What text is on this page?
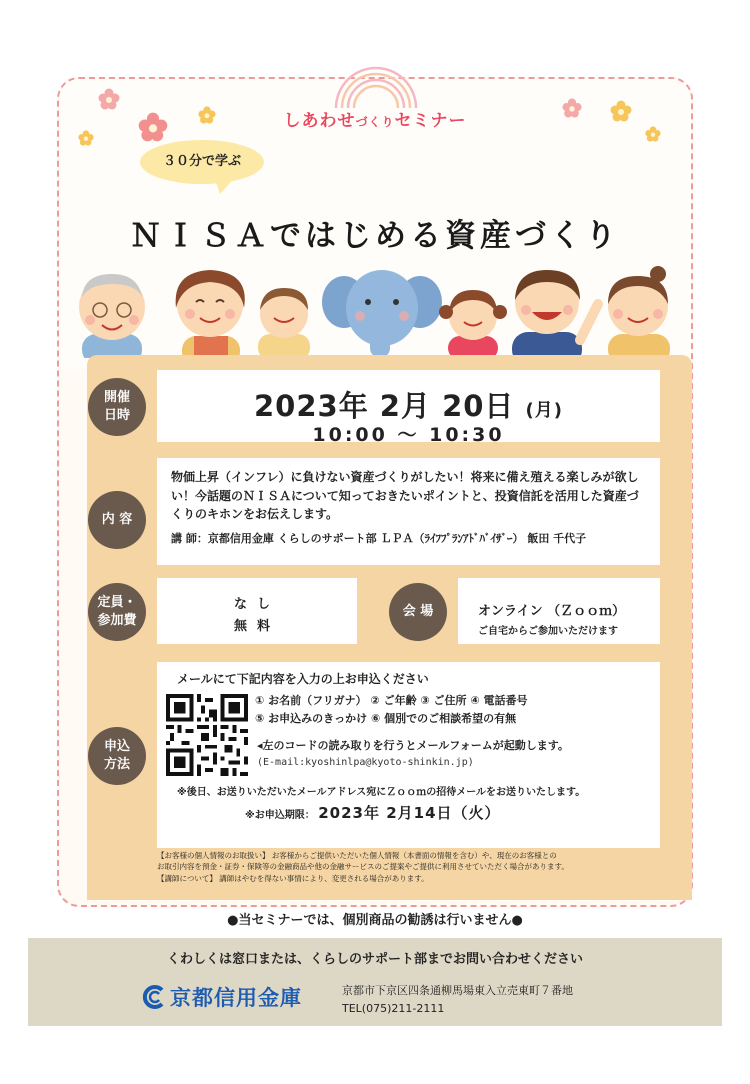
しあわせづくりセミナー
３０分で学ぶ
ＮＩＳＡではじめる資産づくり
開催
日時	2023年 2月 20日 (月)
10:00 ～ 10:30
内 容
物価上昇（インフレ）に負けない資産づくりがしたい！将来に備え殖える楽しみが欲しい！今話題のＮＩＳＡについて知っておきたいポイントと、投資信託を活用した資産づくりのキホンをお伝えします。
講 師：京都信用金庫 くらしのサポート部 ＬＰＡ（ﾗｲﾌﾌﾟﾗﾝｱﾄﾞﾊﾞｲｻﾞｰ） 飯田 千代子
定員・
参加費
なし
無料
会 場	オンライン （Ｚｏｏｍ）
ご自宅からご参加いただけます
申込
方法
メールにて下記内容を入力の上お申込ください
① お名前（フリガナ） ② ご年齢 ③ ご住所 ④ 電話番号
⑤ お申込みのきっかけ ⑥ 個別でのご相談希望の有無
◂左のコードの読み取りを行うとメールフォームが起動します。
(E-mail:kyoshinlpa@kyoto-shinkin.jp)
※後日、お送りいただいたメールアドレス宛にＺｏｏｍの招待メールをお送りいたします。
※お申込期限： 2023年 2月14日（火）
【お客様の個人情報のお取扱い】 お客様からご提供いただいた個人情報（本書面の情報を含む）や、現在のお客様との
お取引内容を預金・証券・保険等の金融商品や他の金融サービスのご提案やご提供に利用させていただく場合があります。
【講師について】 講師はやむを得ない事情により、変更される場合があります。
●当セミナーでは、個別商品の勧誘は行いません●
くわしくは窓口または、くらしのサポート部までお問い合わせください
京都信用金庫	京都市下京区四条通柳馬場東入立売東町７番地
TEL(075)211-2111
